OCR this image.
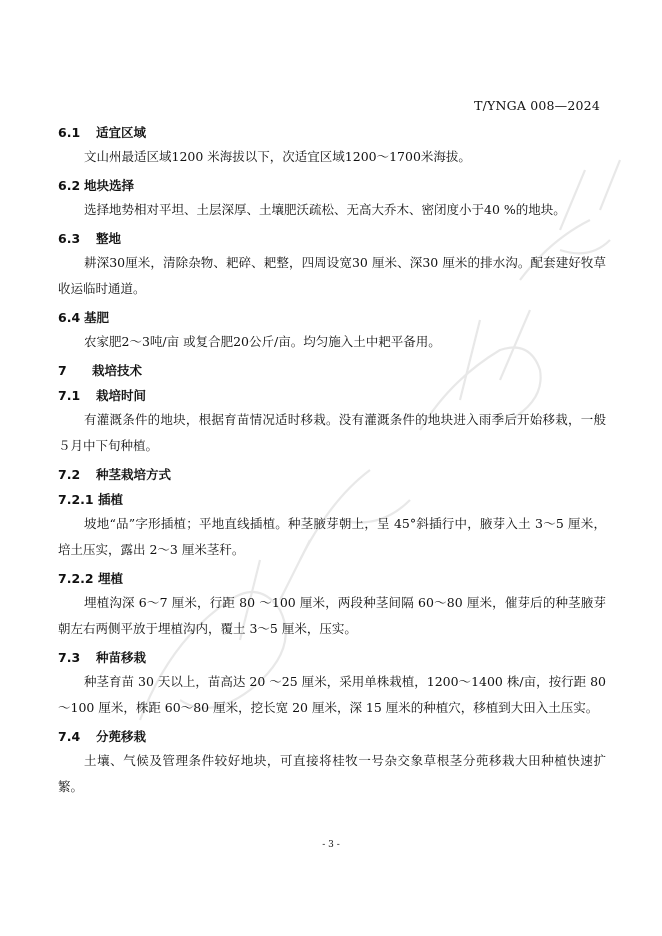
T/YNGA 008—2024
6.1	适宜区域

文山州最适区域1200 米海拔以下，次适宜区域1200～1700米海拔。

6.2 地块选择

选择地势相对平坦、土层深厚、土壤肥沃疏松、无高大乔木、密闭度小于40 %的地块。

6.3	整地

耕深30厘米，清除杂物、耙碎、耙整，四周设宽30 厘米、深30 厘米的排水沟。配套建好牧草收运临时通道。

6.4 基肥

农家肥2～3吨/亩 或复合肥20公斤/亩。均匀施入土中耙平备用。

7	栽培技术
7.1	栽培时间

有灌溉条件的地块，根据育苗情况适时移栽。没有灌溉条件的地块进入雨季后开始移栽，一般５月中下旬种植。

7.2	种茎栽培方式
7.2.1 插植

坡地“品”字形插植；平地直线插植。种茎腋芽朝上，呈 45°斜插行中，腋芽入土 3～5 厘米，培土压实，露出 2～3 厘米茎秆。

7.2.2 埋植

埋植沟深 6～7 厘米，行距 80 ～100 厘米，两段种茎间隔 60～80 厘米，催芽后的种茎腋芽朝左右两侧平放于埋植沟内，覆土 3～5 厘米，压实。

7.3	种苗移栽

种茎育苗 30 天以上，苗高达 20 ～25 厘米，采用单株栽植，1200～1400 株/亩，按行距 80～100 厘米，株距 60～80 厘米，挖长宽 20 厘米，深 15 厘米的种植穴，移植到大田入土压实。

7.4	分蔸移栽

土壤、气候及管理条件较好地块，可直接将桂牧一号杂交象草根茎分蔸移栽大田种植快速扩繁。

- 3 -
